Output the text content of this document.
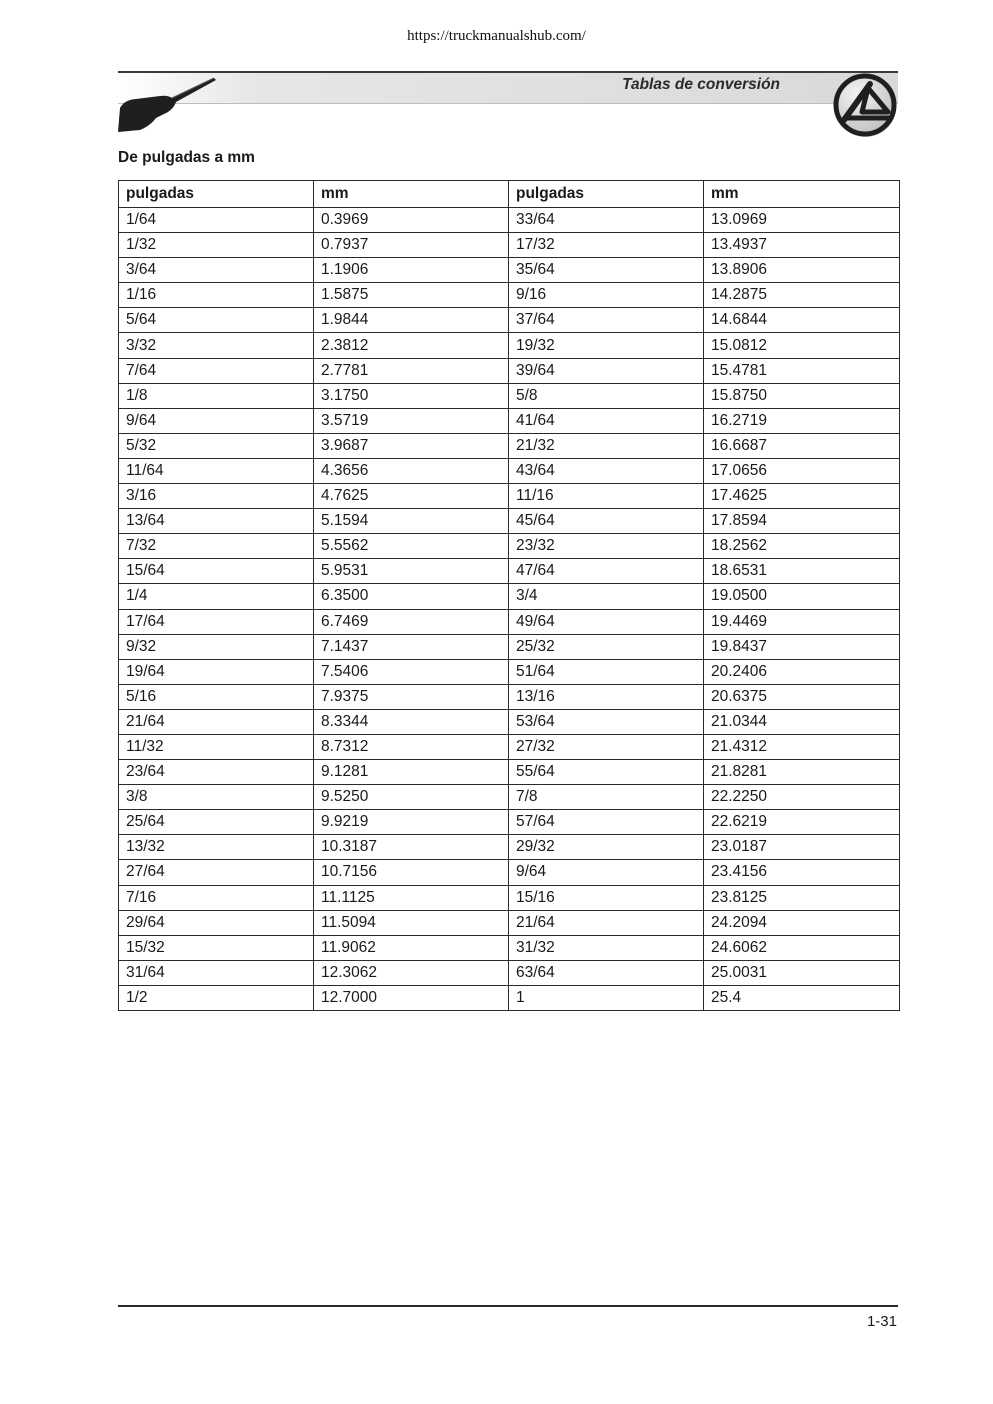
https://truckmanualshub.com/
Tablas de conversión
De pulgadas a mm
pulgadas	mm	pulgadas	mm
1/64	0.3969	33/64	13.0969
1/32	0.7937	17/32	13.4937
3/64	1.1906	35/64	13.8906
1/16	1.5875	9/16	14.2875
5/64	1.9844	37/64	14.6844
3/32	2.3812	19/32	15.0812
7/64	2.7781	39/64	15.4781
1/8	3.1750	5/8	15.8750
9/64	3.5719	41/64	16.2719
5/32	3.9687	21/32	16.6687
11/64	4.3656	43/64	17.0656
3/16	4.7625	11/16	17.4625
13/64	5.1594	45/64	17.8594
7/32	5.5562	23/32	18.2562
15/64	5.9531	47/64	18.6531
1/4	6.3500	3/4	19.0500
17/64	6.7469	49/64	19.4469
9/32	7.1437	25/32	19.8437
19/64	7.5406	51/64	20.2406
5/16	7.9375	13/16	20.6375
21/64	8.3344	53/64	21.0344
11/32	8.7312	27/32	21.4312
23/64	9.1281	55/64	21.8281
3/8	9.5250	7/8	22.2250
25/64	9.9219	57/64	22.6219
13/32	10.3187	29/32	23.0187
27/64	10.7156	9/64	23.4156
7/16	11.1125	15/16	23.8125
29/64	11.5094	21/64	24.2094
15/32	11.9062	31/32	24.6062
31/64	12.3062	63/64	25.0031
1/2	12.7000	1	25.4
1-31
